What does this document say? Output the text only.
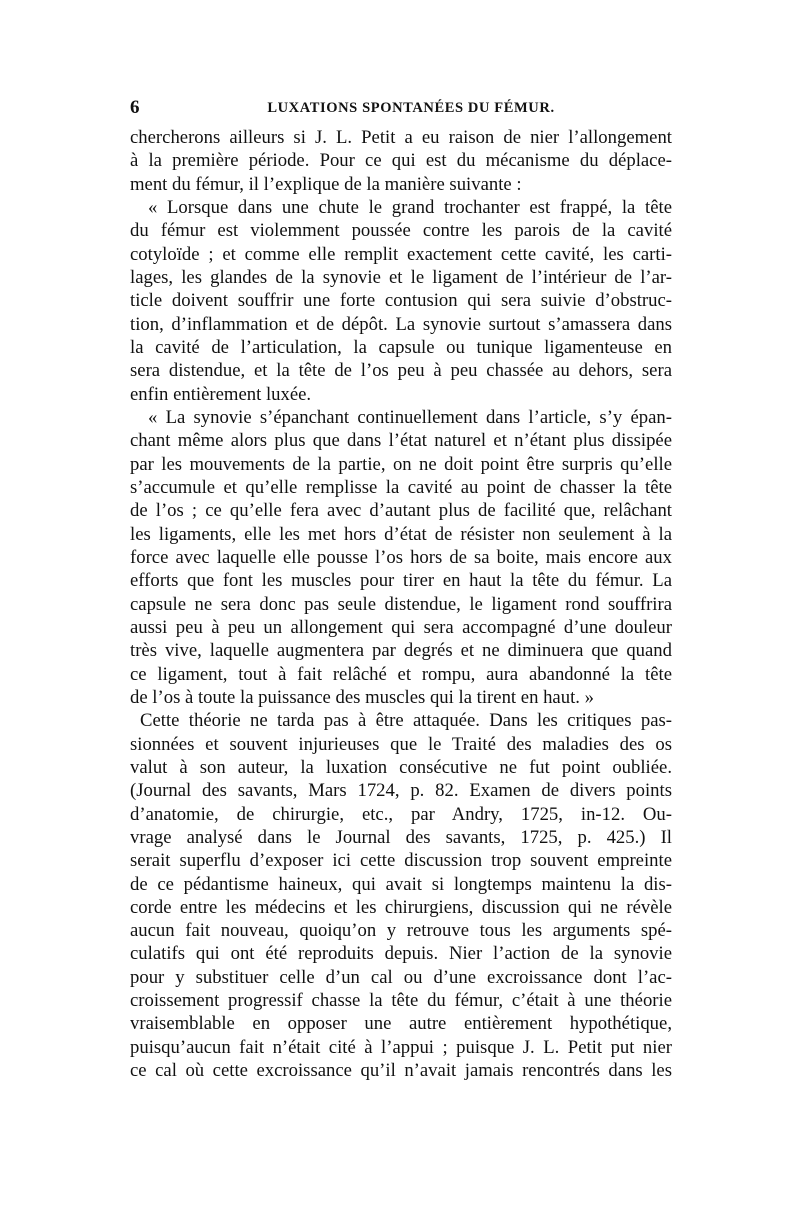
6	LUXATIONS SPONTANÉES DU FÉMUR.
chercherons ailleurs si J. L. Petit a eu raison de nier l’allongement
à la première période. Pour ce qui est du mécanisme du déplace-
ment du fémur, il l’explique de la manière suivante :
« Lorsque dans une chute le grand trochanter est frappé, la tête
du fémur est violemment poussée contre les parois de la cavité
cotyloïde ; et comme elle remplit exactement cette cavité, les carti-
lages, les glandes de la synovie et le ligament de l’intérieur de l’ar-
ticle doivent souffrir une forte contusion qui sera suivie d’obstruc-
tion, d’inflammation et de dépôt. La synovie surtout s’amassera dans
la cavité de l’articulation, la capsule ou tunique ligamenteuse en
sera distendue, et la tête de l’os peu à peu chassée au dehors, sera
enfin entièrement luxée.
« La synovie s’épanchant continuellement dans l’article, s’y épan-
chant même alors plus que dans l’état naturel et n’étant plus dissipée
par les mouvements de la partie, on ne doit point être surpris qu’elle
s’accumule et qu’elle remplisse la cavité au point de chasser la tête
de l’os ; ce qu’elle fera avec d’autant plus de facilité que, relâchant
les ligaments, elle les met hors d’état de résister non seulement à la
force avec laquelle elle pousse l’os hors de sa boite, mais encore aux
efforts que font les muscles pour tirer en haut la tête du fémur. La
capsule ne sera donc pas seule distendue, le ligament rond souffrira
aussi peu à peu un allongement qui sera accompagné d’une douleur
très vive, laquelle augmentera par degrés et ne diminuera que quand
ce ligament, tout à fait relâché et rompu, aura abandonné la tête
de l’os à toute la puissance des muscles qui la tirent en haut. »
Cette théorie ne tarda pas à être attaquée. Dans les critiques pas-
sionnées et souvent injurieuses que le Traité des maladies des os
valut à son auteur, la luxation consécutive ne fut point oubliée.
(Journal des savants, Mars 1724, p. 82. Examen de divers points
d’anatomie, de chirurgie, etc., par Andry, 1725, in-12. Ou-
vrage analysé dans le Journal des savants, 1725, p. 425.) Il
serait superflu d’exposer ici cette discussion trop souvent empreinte
de ce pédantisme haineux, qui avait si longtemps maintenu la dis-
corde entre les médecins et les chirurgiens, discussion qui ne révèle
aucun fait nouveau, quoiqu’on y retrouve tous les arguments spé-
culatifs qui ont été reproduits depuis. Nier l’action de la synovie
pour y substituer celle d’un cal ou d’une excroissance dont l’ac-
croissement progressif chasse la tête du fémur, c’était à une théorie
vraisemblable en opposer une autre entièrement hypothétique,
puisqu’aucun fait n’était cité à l’appui ; puisque J. L. Petit put nier
ce cal où cette excroissance qu’il n’avait jamais rencontrés dans les
